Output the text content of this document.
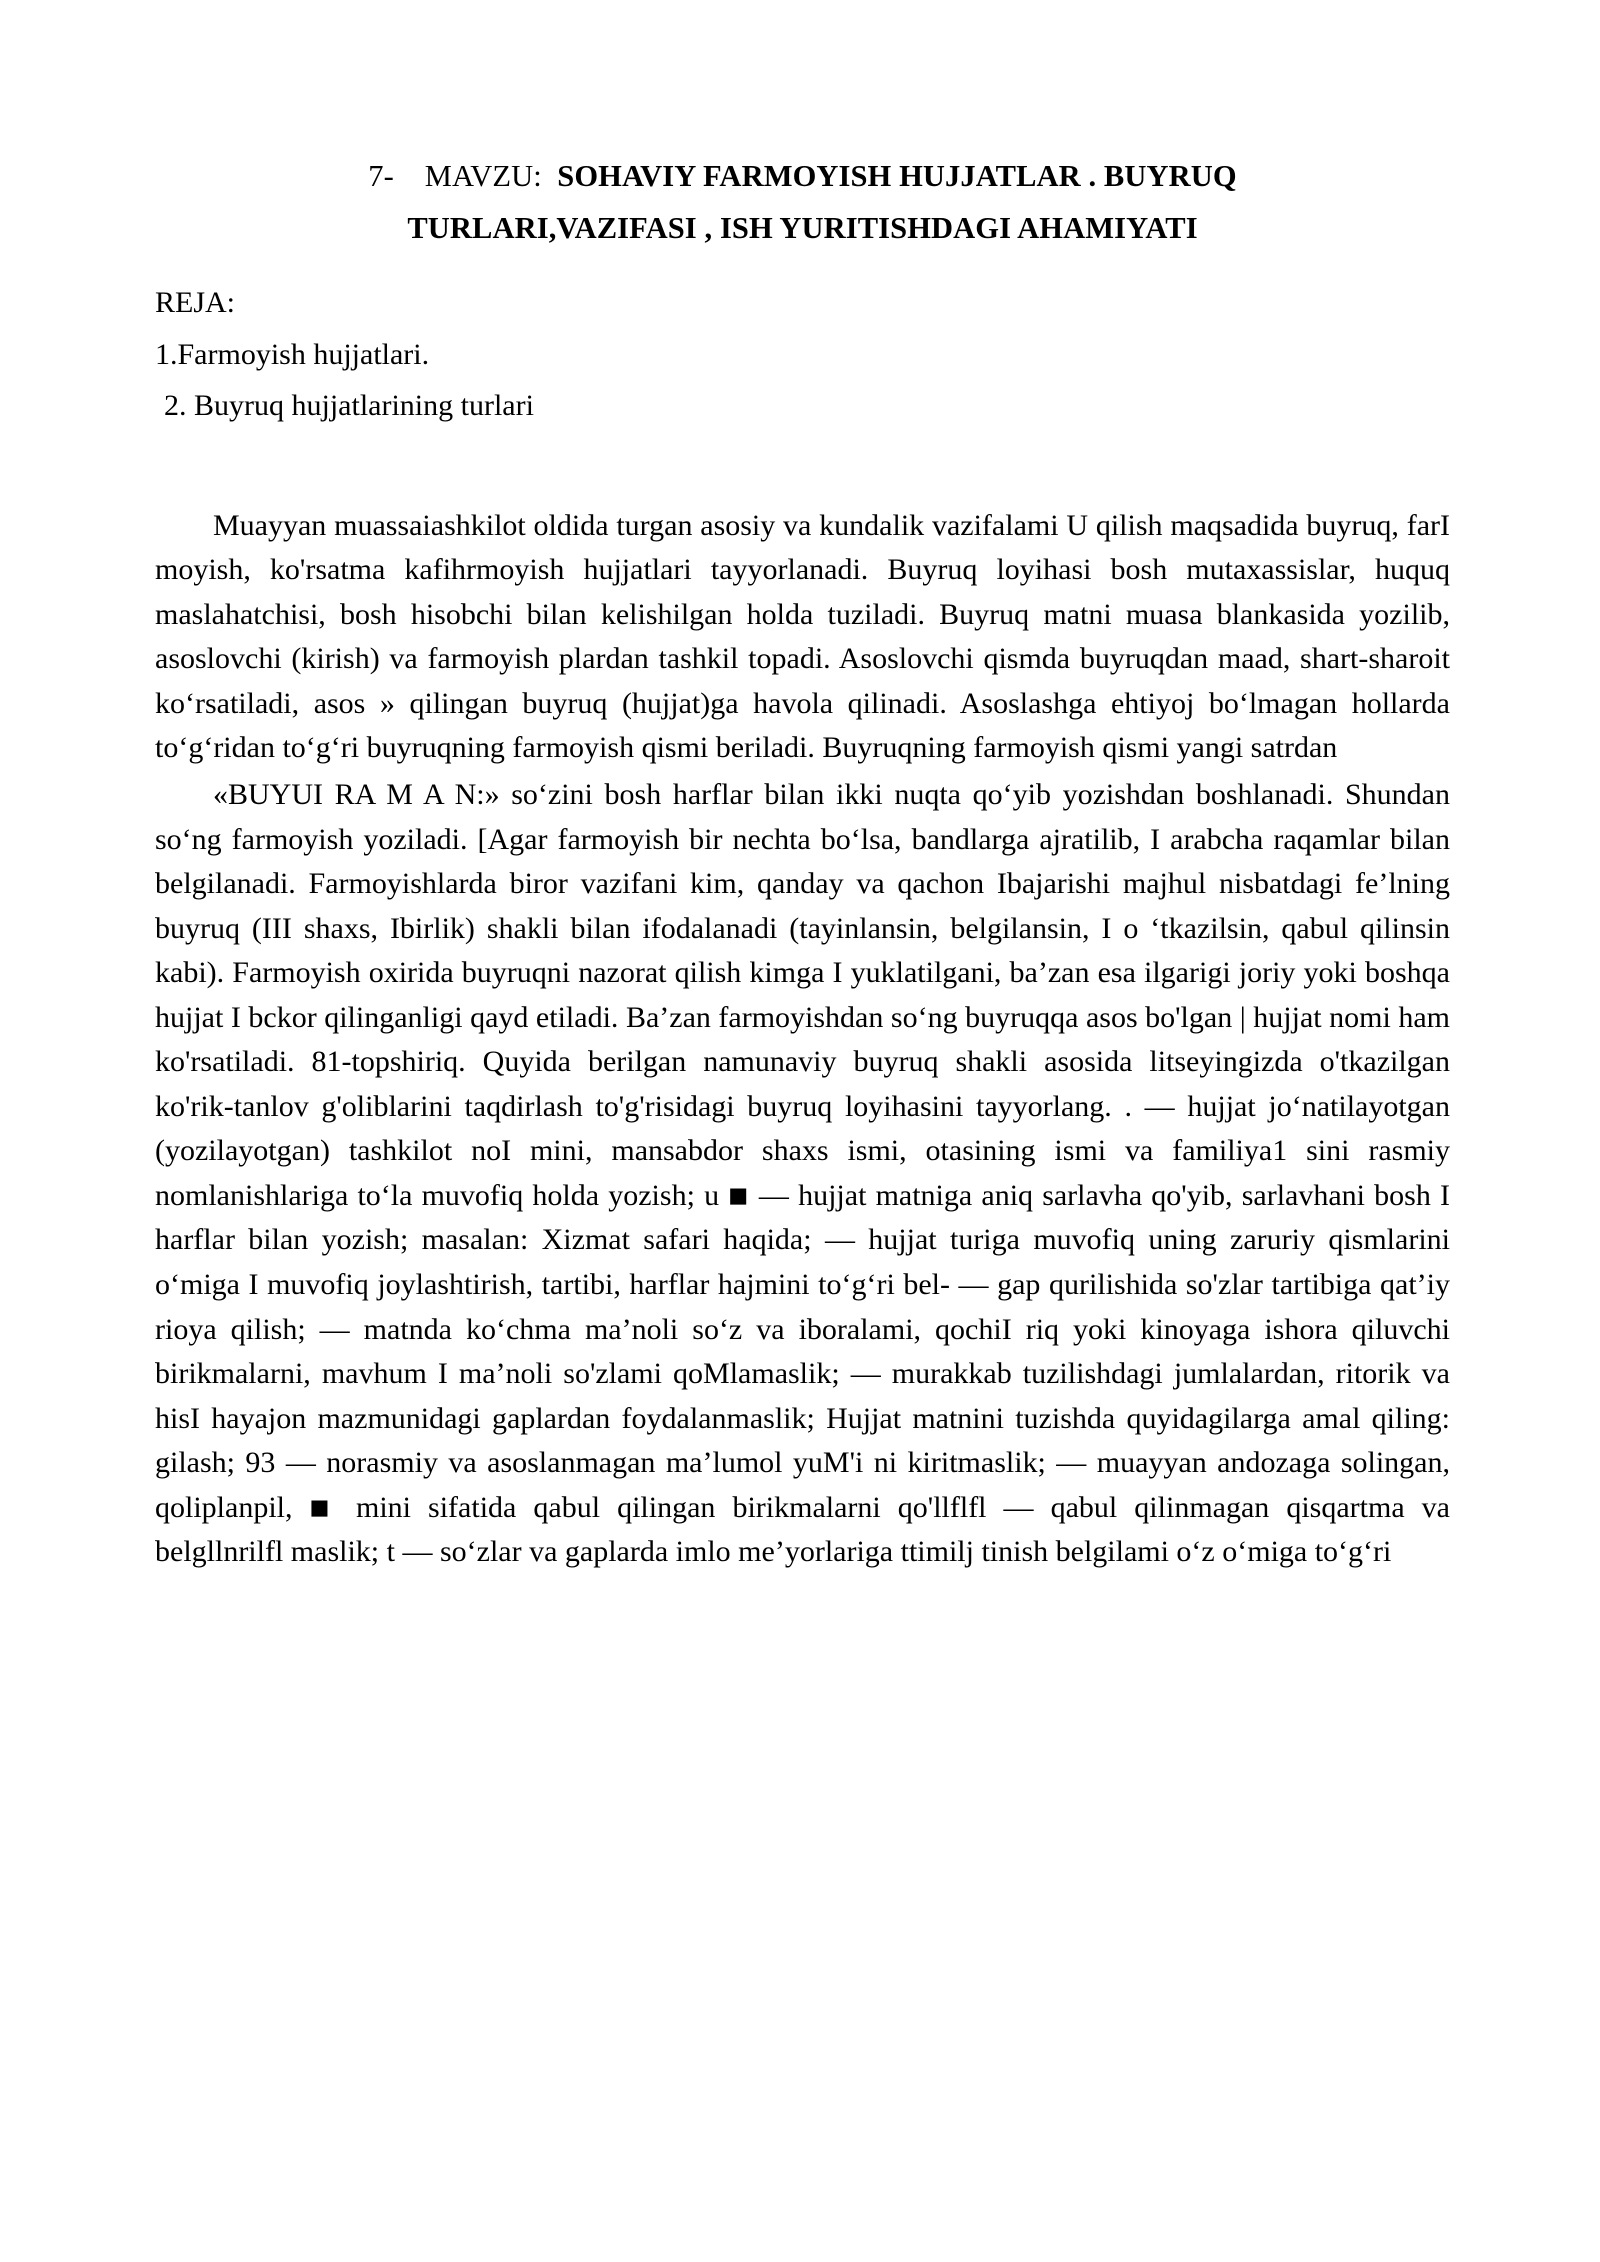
7- MAVZU: SOHAVIY FARMOYISH HUJJATLAR . BUYRUQ
TURLARI,VAZIFASI , ISH YURITISHDAGI AHAMIYATI

REJA:

1.Farmoyish hujjatlari.

2. Buyruq hujjatlarining turlari

Muayyan muassaiashkilot oldida turgan asosiy va kundalik vazifalami U qilish maqsadida buyruq, farI moyish, ko'rsatma kafihrmoyish hujjatlari tayyorlanadi. Buyruq loyihasi bosh mutaxassislar, huquq maslahatchisi, bosh hisobchi bilan kelishilgan holda tuziladi. Buyruq matni muasa blankasida yozilib, asoslovchi (kirish) va farmoyish plardan tashkil topadi. Asoslovchi qismda buyruqdan maad, shart-sharoit ko‘rsatiladi, asos » qilingan buyruq (hujjat)ga havola qilinadi. Asoslashga ehtiyoj bo‘lmagan hollarda to‘g‘ridan to‘g‘ri buyruqning farmoyish qismi beriladi. Buyruqning farmoyish qismi yangi satrdan

«BUYUI RA M A N:» so‘zini bosh harflar bilan ikki nuqta qo‘yib yozishdan boshlanadi. Shundan so‘ng farmoyish yoziladi. [Agar farmoyish bir nechta bo‘lsa, bandlarga ajratilib, I arabcha raqamlar bilan belgilanadi. Farmoyishlarda biror vazifani kim, qanday va qachon Ibajarishi majhul nisbatdagi fe’lning buyruq (III shaxs, Ibirlik) shakli bilan ifodalanadi (tayinlansin, belgilansin, I o ‘tkazilsin, qabul qilinsin kabi). Farmoyish oxirida buyruqni nazorat qilish kimga I yuklatilgani, ba’zan esa ilgarigi joriy yoki boshqa hujjat I bckor qilinganligi qayd etiladi. Ba’zan farmoyishdan so‘ng buyruqqa asos bo'lgan | hujjat nomi ham ko'rsatiladi. 81-topshiriq. Quyida berilgan namunaviy buyruq shakli asosida litseyingizda o'tkazilgan ko'rik-tanlov g'oliblarini taqdirlash to'g'risidagi buyruq loyihasini tayyorlang. . — hujjat jo‘natilayotgan (yozilayotgan) tashkilot noI mini, mansabdor shaxs ismi, otasining ismi va familiya1 sini rasmiy nomlanishlariga to‘la muvofiq holda yozish; u ■ — hujjat matniga aniq sarlavha qo'yib, sarlavhani bosh I harflar bilan yozish; masalan: Xizmat safari haqida; — hujjat turiga muvofiq uning zaruriy qismlarini o‘miga I muvofiq joylashtirish, tartibi, harflar hajmini to‘g‘ri bel- — gap qurilishida so'zlar tartibiga qat’iy rioya qilish; — matnda ko‘chma ma’noli so‘z va iboralami, qochiI riq yoki kinoyaga ishora qiluvchi birikmalarni, mavhum I ma’noli so'zlami qoMlamaslik; — murakkab tuzilishdagi jumlalardan, ritorik va hisI hayajon mazmunidagi gaplardan foydalanmaslik; Hujjat matnini tuzishda quyidagilarga amal qiling: gilash; 93 — norasmiy va asoslanmagan ma’lumol yuM'i ni kiritmaslik; — muayyan andozaga solingan, qoliplanpil, ■ mini sifatida qabul qilingan birikmalarni qo'llflfl — qabul qilinmagan qisqartma va belgllnrilfl maslik; t — so‘zlar va gaplarda imlo me’yorlariga ttimilj tinish belgilami o‘z o‘miga to‘g‘ri
